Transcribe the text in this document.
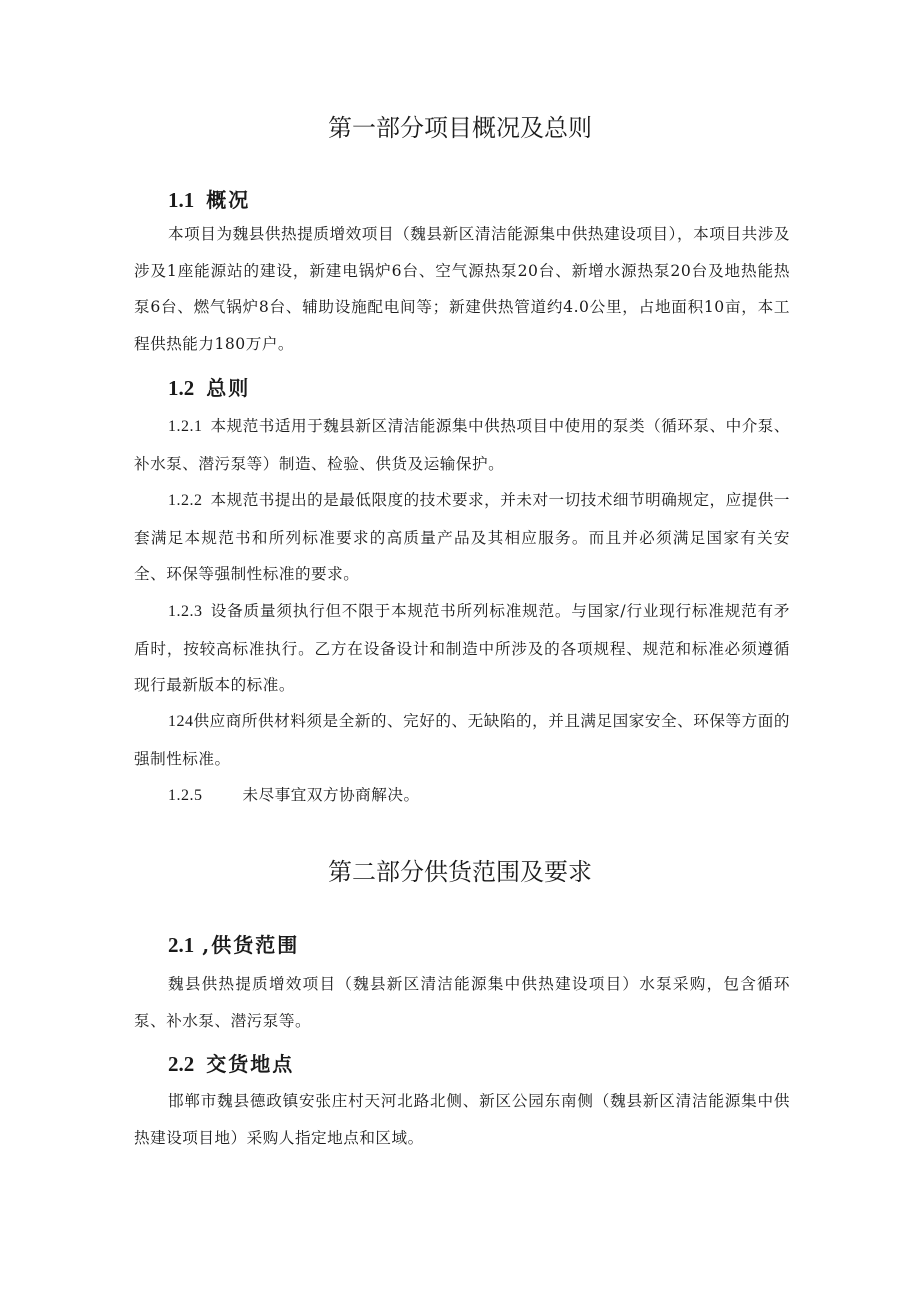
第一部分项目概况及总则
1.1 概况

本项目为魏县供热提质增效项目（魏县新区清洁能源集中供热建设项目），本项目共涉及涉及1座能源站的建设，新建电锅炉6台、空气源热泵20台、新增水源热泵20台及地热能热泵6台、燃气锅炉8台、辅助设施配电间等；新建供热管道约4.0公里，占地面积10亩，本工程供热能力180万户。

1.2 总则

1.2.1 本规范书适用于魏县新区清洁能源集中供热项目中使用的泵类（循环泵、中介泵、补水泵、潜污泵等）制造、检验、供货及运输保护。

1.2.2 本规范书提出的是最低限度的技术要求，并未对一切技术细节明确规定，应提供一套满足本规范书和所列标准要求的高质量产品及其相应服务。而且并必须满足国家有关安全、环保等强制性标准的要求。

1.2.3 设备质量须执行但不限于本规范书所列标准规范。与国家/行业现行标准规范有矛盾时，按较高标准执行。乙方在设备设计和制造中所涉及的各项规程、规范和标准必须遵循现行最新版本的标准。

124供应商所供材料须是全新的、完好的、无缺陷的，并且满足国家安全、环保等方面的强制性标准。

1.2.5	未尽事宜双方协商解决。

第二部分供货范围及要求
2.1 ,供货范围

魏县供热提质增效项目（魏县新区清洁能源集中供热建设项目）水泵采购，包含循环泵、补水泵、潜污泵等。

2.2 交货地点

邯郸市魏县德政镇安张庄村天河北路北侧、新区公园东南侧（魏县新区清洁能源集中供热建设项目地）采购人指定地点和区域。
